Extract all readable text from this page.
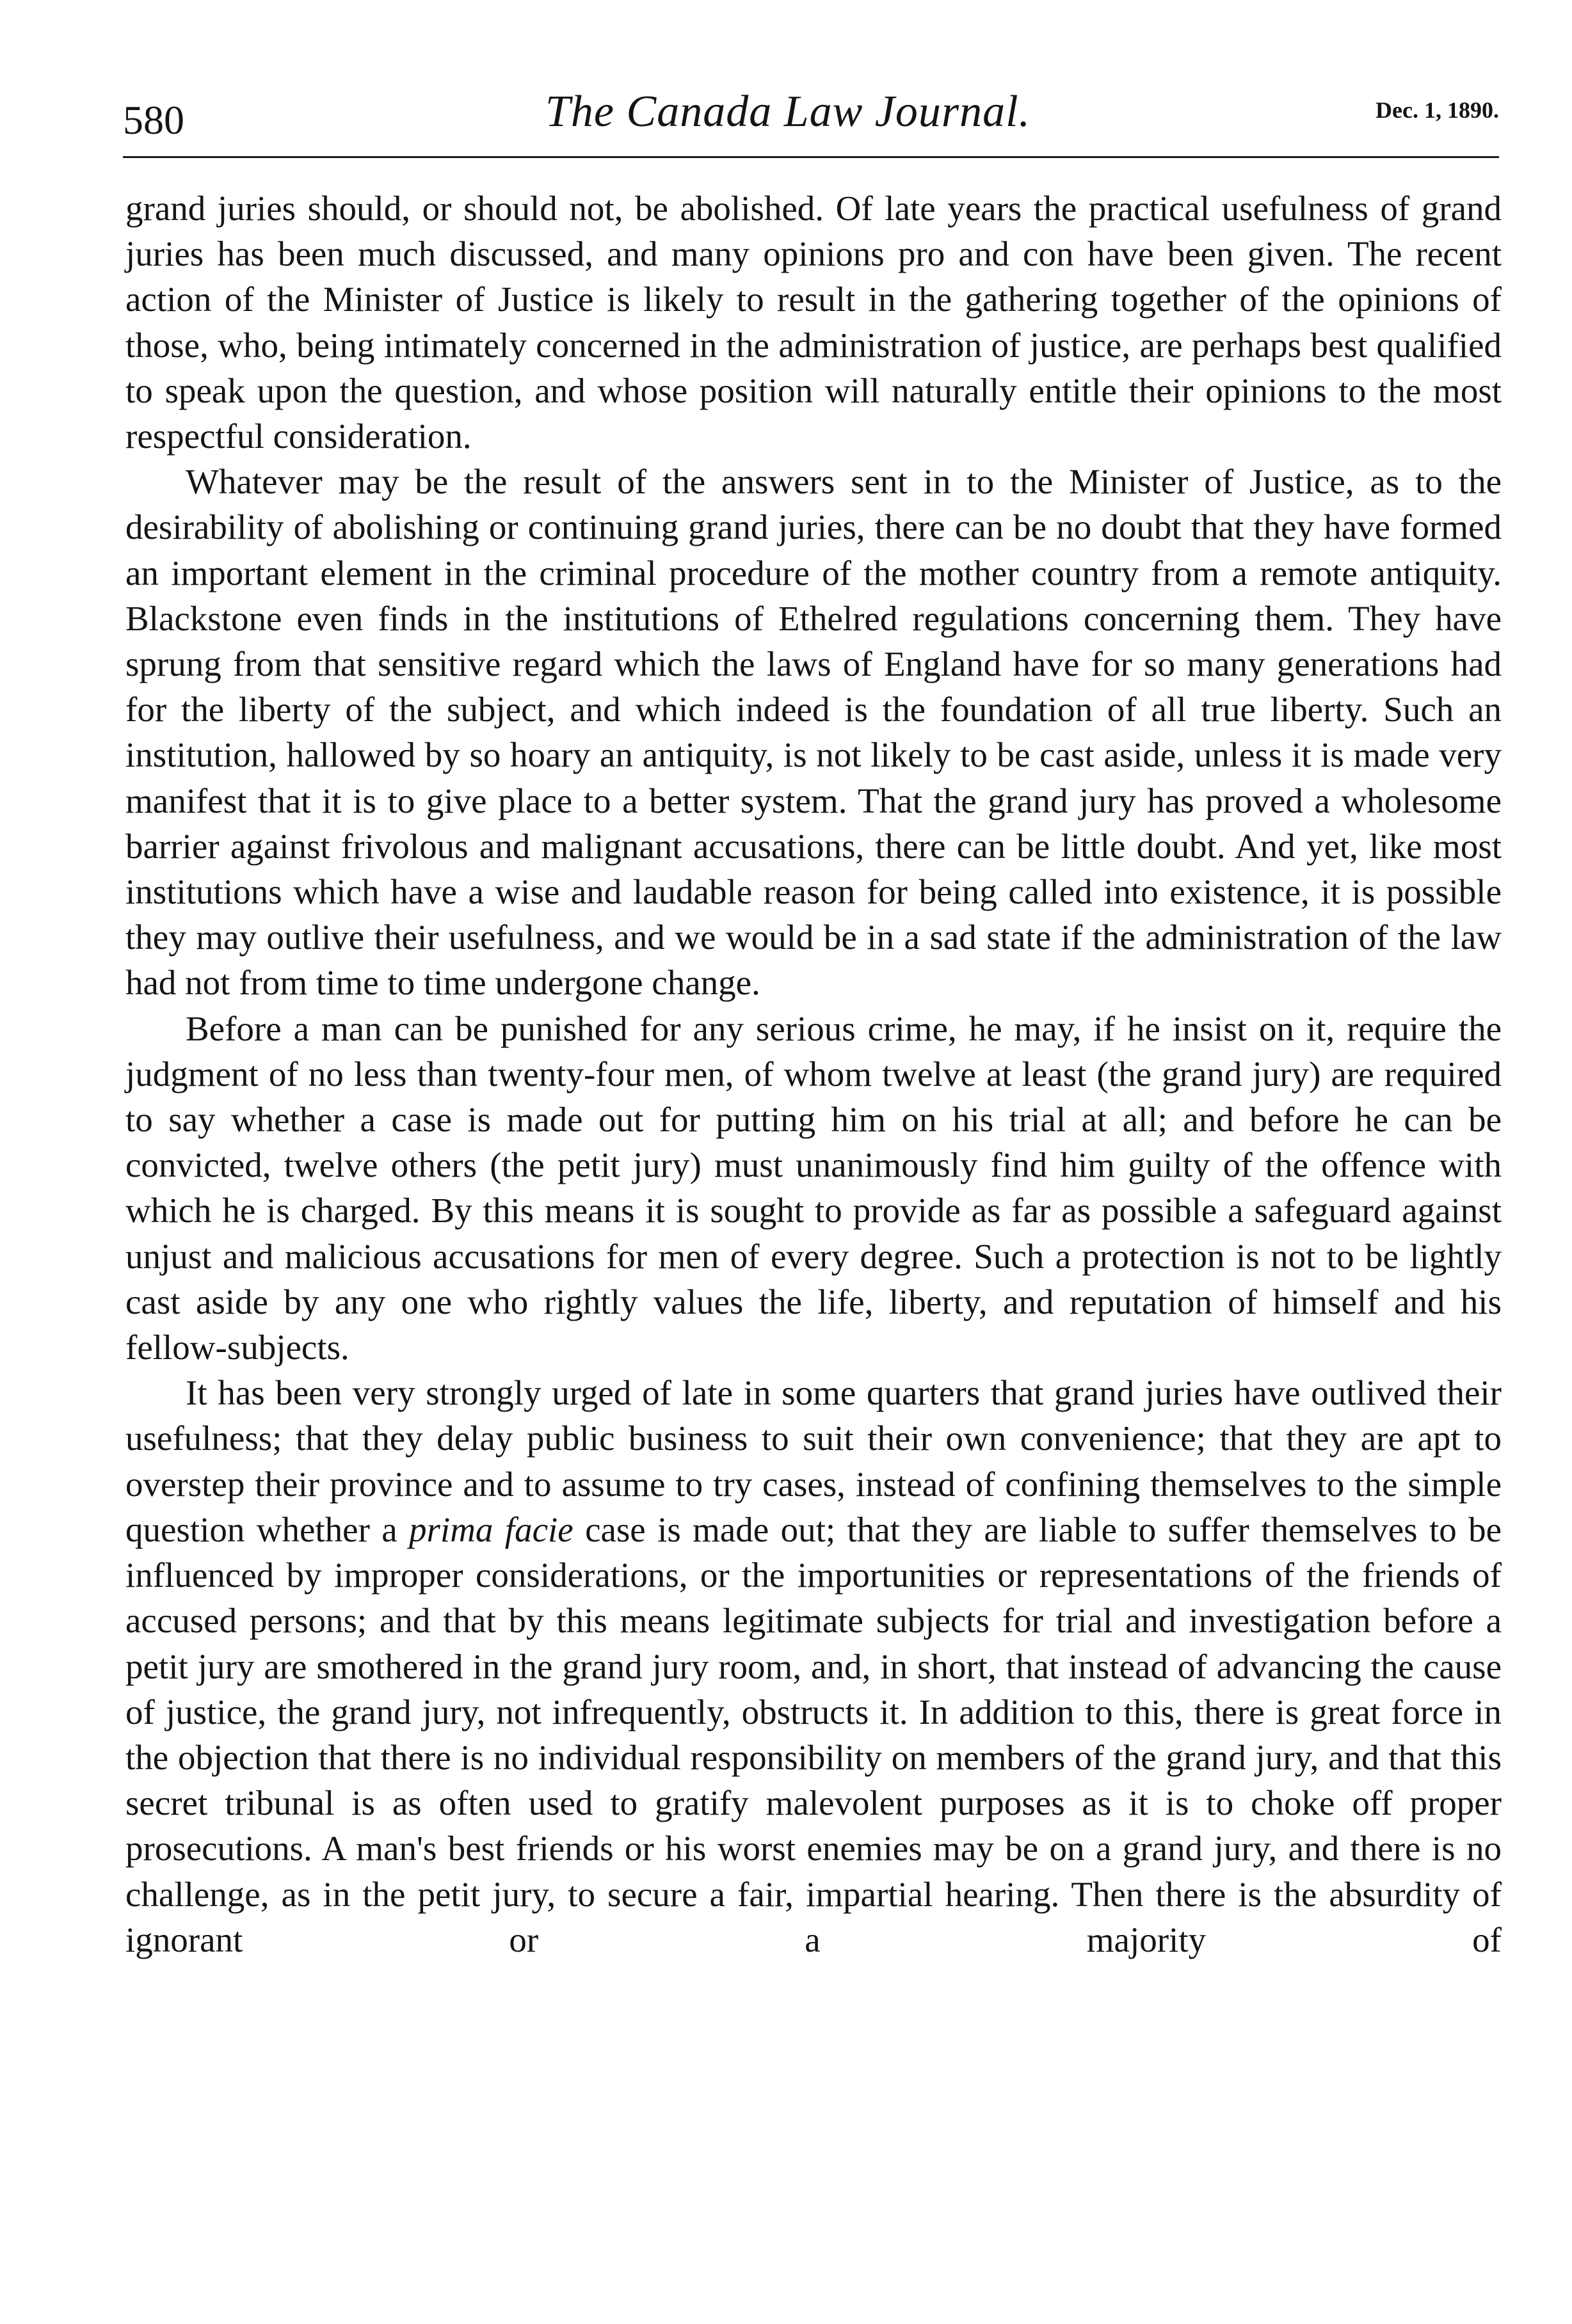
580	The Canada Law Journal.	Dec. 1, 1890.

grand juries should, or should not, be abolished. Of late years the practical usefulness of grand juries has been much discussed, and many opinions pro and con have been given. The recent action of the Minister of Justice is likely to result in the gathering together of the opinions of those, who, being intimately concerned in the administration of justice, are perhaps best qualified to speak upon the question, and whose position will naturally entitle their opinions to the most respectful consideration.

Whatever may be the result of the answers sent in to the Minister of Justice, as to the desirability of abolishing or continuing grand juries, there can be no doubt that they have formed an important element in the criminal procedure of the mother country from a remote antiquity. Blackstone even finds in the institutions of Ethelred regulations concerning them. They have sprung from that sensitive regard which the laws of England have for so many generations had for the liberty of the subject, and which indeed is the foundation of all true liberty. Such an institution, hallowed by so hoary an antiquity, is not likely to be cast aside, unless it is made very manifest that it is to give place to a better system. That the grand jury has proved a wholesome barrier against frivolous and malignant accusations, there can be little doubt. And yet, like most institutions which have a wise and laudable reason for being called into existence, it is possible they may outlive their usefulness, and we would be in a sad state if the administration of the law had not from time to time undergone change.

Before a man can be punished for any serious crime, he may, if he insist on it, require the judgment of no less than twenty-four men, of whom twelve at least (the grand jury) are required to say whether a case is made out for putting him on his trial at all; and before he can be convicted, twelve others (the petit jury) must unanimously find him guilty of the offence with which he is charged. By this means it is sought to provide as far as possible a safeguard against unjust and malicious accusations for men of every degree. Such a protection is not to be lightly cast aside by any one who rightly values the life, liberty, and reputation of himself and his fellow-subjects.

It has been very strongly urged of late in some quarters that grand juries have outlived their usefulness; that they delay public business to suit their own convenience; that they are apt to overstep their province and to assume to try cases, instead of confining themselves to the simple question whether a prima facie case is made out; that they are liable to suffer themselves to be influenced by improper considerations, or the importunities or representations of the friends of accused persons; and that by this means legitimate subjects for trial and investigation before a petit jury are smothered in the grand jury room, and, in short, that instead of advancing the cause of justice, the grand jury, not infrequently, obstructs it. In addition to this, there is great force in the objection that there is no individual responsibility on members of the grand jury, and that this secret tribunal is as often used to gratify malevolent purposes as it is to choke off proper prosecutions. A man's best friends or his worst enemies may be on a grand jury, and there is no challenge, as in the petit jury, to secure a fair, impartial hearing. Then there is the absurdity of ignorant or a majority of
